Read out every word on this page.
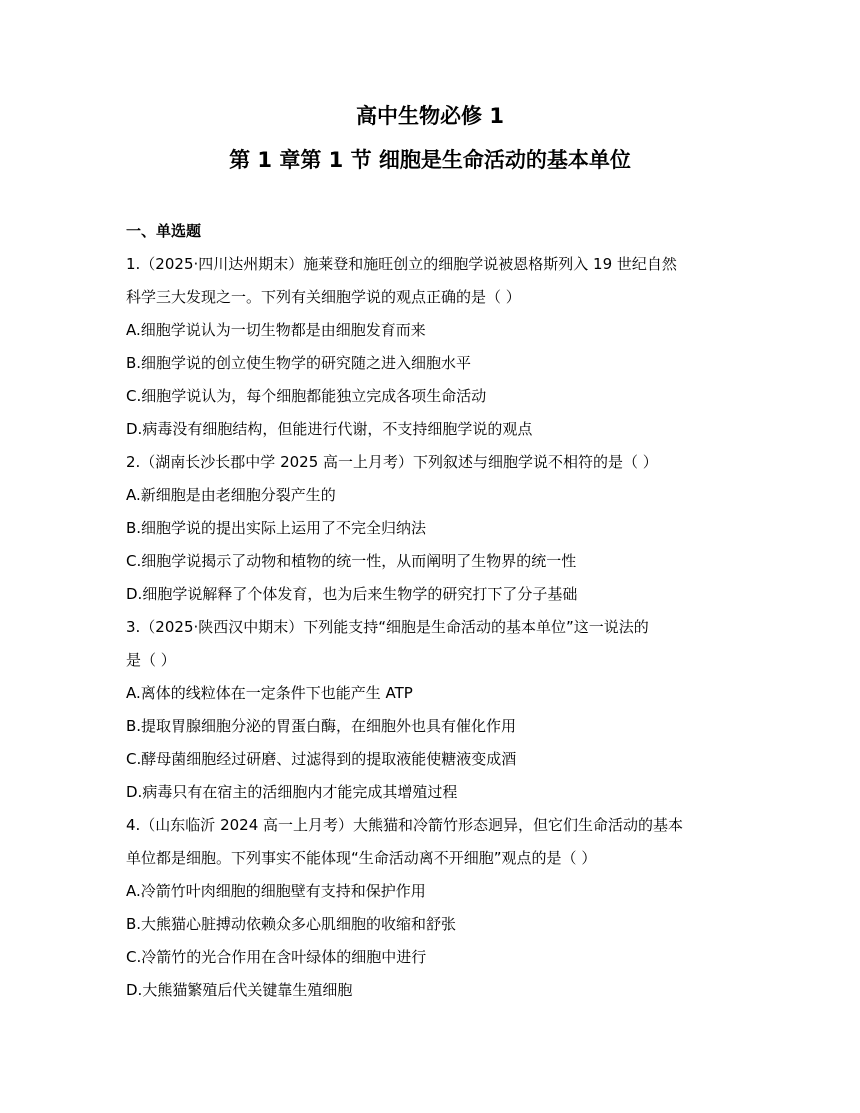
高中生物必修 1
第 1 章第 1 节 细胞是生命活动的基本单位
一、单选题
1.（2025·四川达州期末）施莱登和施旺创立的细胞学说被恩格斯列入 19 世纪自然
科学三大发现之一。下列有关细胞学说的观点正确的是（ ）
A.细胞学说认为一切生物都是由细胞发育而来
B.细胞学说的创立使生物学的研究随之进入细胞水平
C.细胞学说认为，每个细胞都能独立完成各项生命活动
D.病毒没有细胞结构，但能进行代谢，不支持细胞学说的观点
2.（湖南长沙长郡中学 2025 高一上月考）下列叙述与细胞学说不相符的是（ ）
A.新细胞是由老细胞分裂产生的
B.细胞学说的提出实际上运用了不完全归纳法
C.细胞学说揭示了动物和植物的统一性，从而阐明了生物界的统一性
D.细胞学说解释了个体发育，也为后来生物学的研究打下了分子基础
3.（2025·陕西汉中期末）下列能支持“细胞是生命活动的基本单位”这一说法的
是（ ）
A.离体的线粒体在一定条件下也能产生 ATP
B.提取胃腺细胞分泌的胃蛋白酶，在细胞外也具有催化作用
C.酵母菌细胞经过研磨、过滤得到的提取液能使糖液变成酒
D.病毒只有在宿主的活细胞内才能完成其增殖过程
4.（山东临沂 2024 高一上月考）大熊猫和冷箭竹形态迥异，但它们生命活动的基本
单位都是细胞。下列事实不能体现“生命活动离不开细胞”观点的是（ ）
A.冷箭竹叶肉细胞的细胞壁有支持和保护作用
B.大熊猫心脏搏动依赖众多心肌细胞的收缩和舒张
C.冷箭竹的光合作用在含叶绿体的细胞中进行
D.大熊猫繁殖后代关键靠生殖细胞
